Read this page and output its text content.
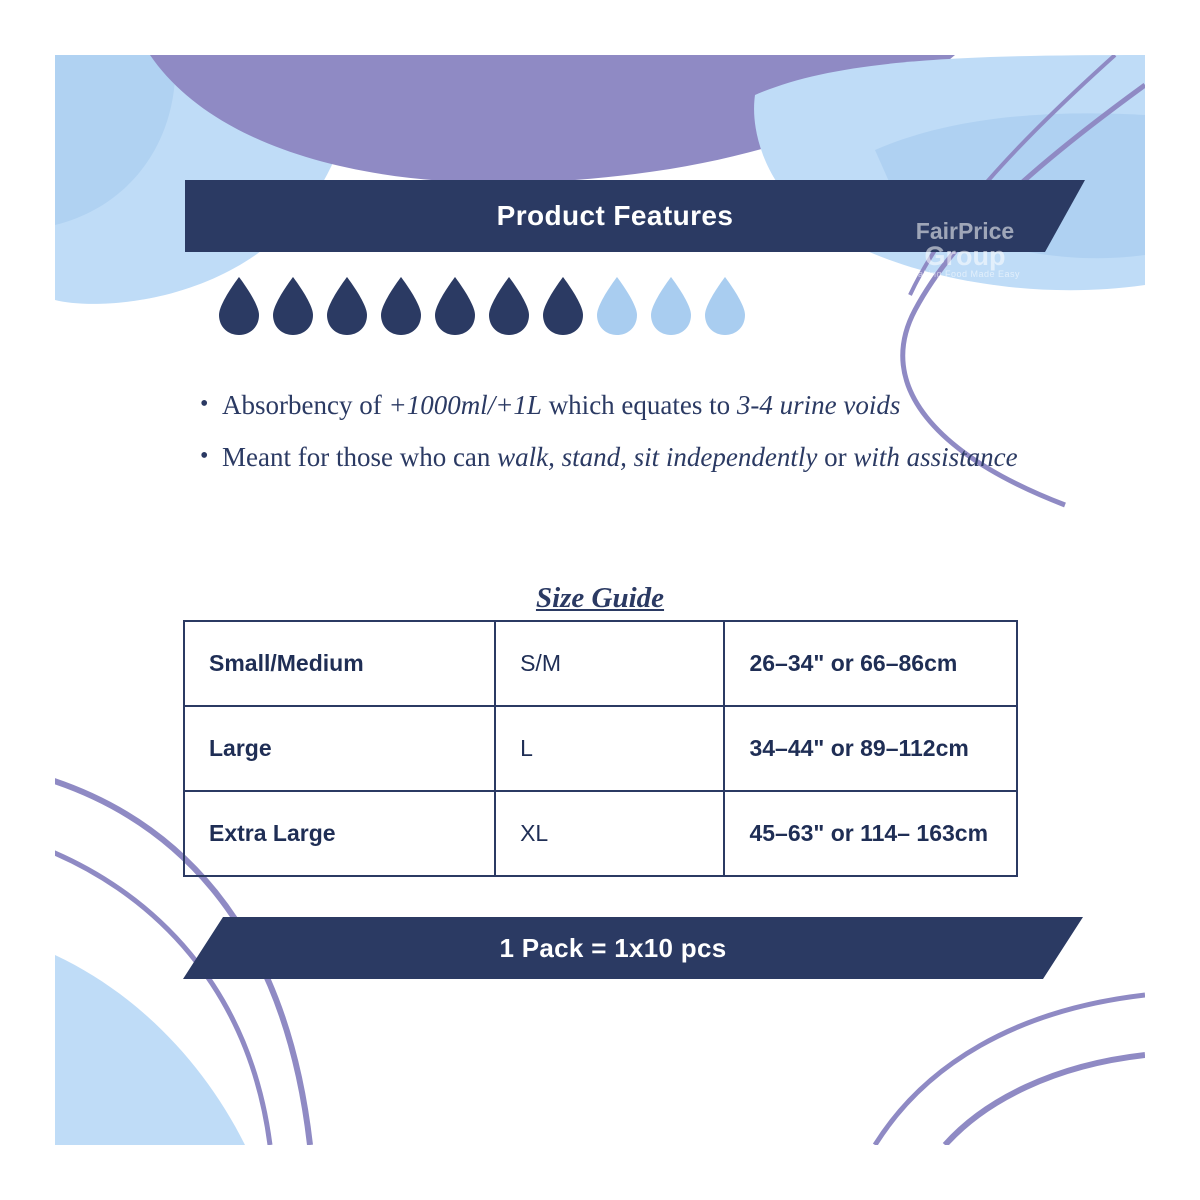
Product Features	FairPrice
Group
Making Food Made Easy
• Absorbency of +1000ml/+1L which equates to 3-4 urine voids
• Meant for those who can walk, stand, sit independently or with assistance
Size Guide
Small/Medium	S/M	26–34" or 66–86cm
Large	L	34–44" or 89–112cm
Extra Large	XL	45–63" or 114– 163cm
1 Pack = 1x10 pcs
